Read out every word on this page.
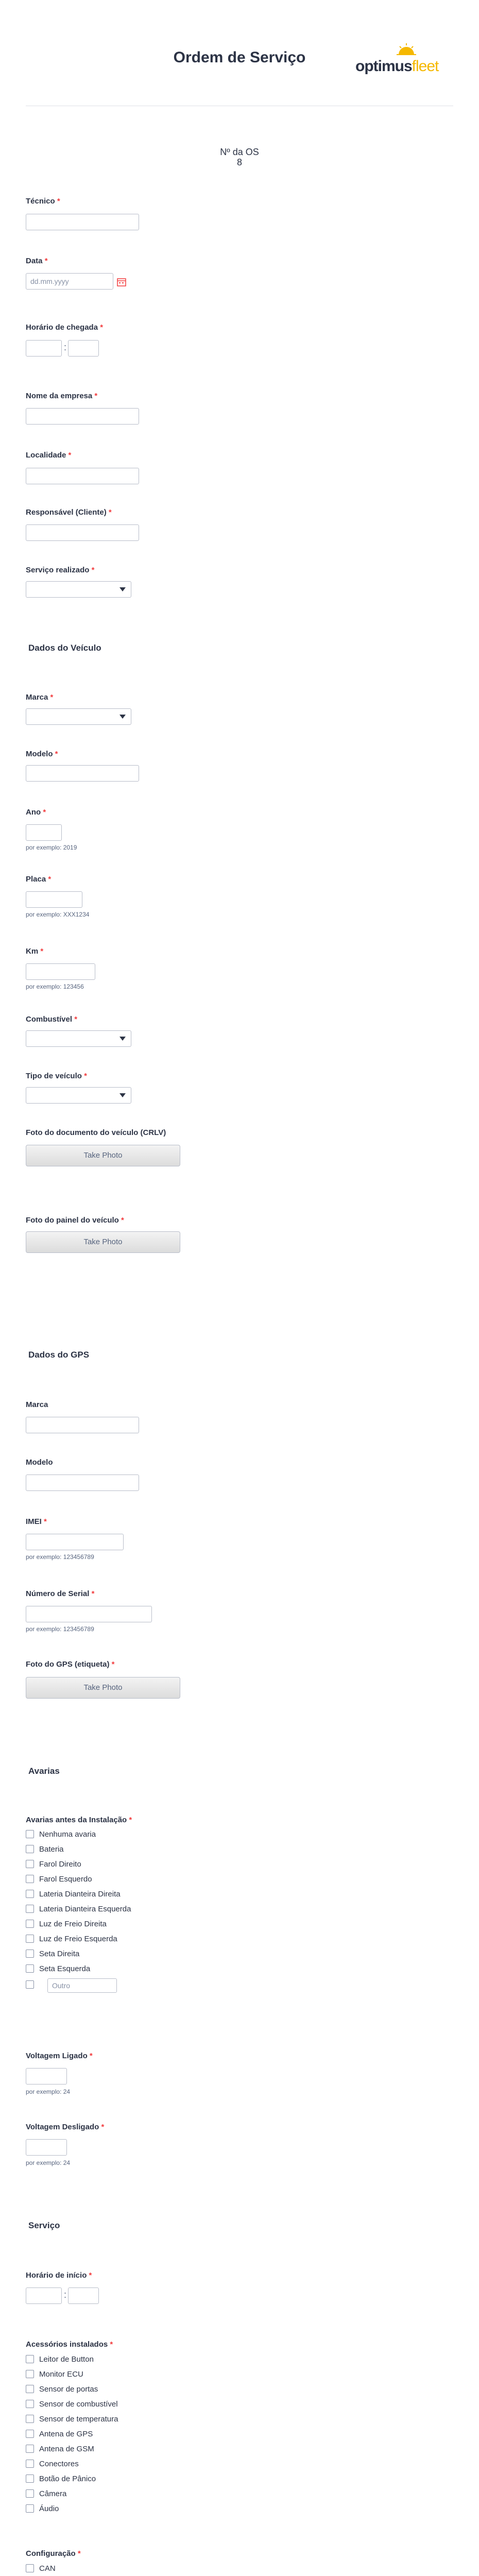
Ordem de Serviço
optimusfleet
Nº da OS
8
Técnico *
Data *
dd.mm.yyyy
Horário de chegada *
:
Nome da empresa *
Localidade *
Responsável (Cliente) *
Serviço realizado *
Dados do Veículo
Marca *
Modelo *
Ano *
por exemplo: 2019
Placa *
por exemplo: XXX1234
Km *
por exemplo: 123456
Combustível *
Tipo de veículo *
Foto do documento do veículo (CRLV)
Take Photo
Foto do painel do veículo *
Take Photo
Dados do GPS
Marca
Modelo
IMEI *
por exemplo: 123456789
Número de Serial *
por exemplo: 123456789
Foto do GPS (etiqueta) *
Take Photo
Avarias
Avarias antes da Instalação *
Nenhuma avaria
Bateria
Farol Direito
Farol Esquerdo
Lateria Dianteira Direita
Lateria Dianteira Esquerda
Luz de Freio Direita
Luz de Freio Esquerda
Seta Direita
Seta Esquerda
Outro
Voltagem Ligado *
por exemplo: 24
Voltagem Desligado *
por exemplo: 24
Serviço
Horário de início *
:
Acessórios instalados *
Leitor de Button
Monitor ECU
Sensor de portas
Sensor de combustível
Sensor de temperatura
Antena de GPS
Antena de GSM
Conectores
Botão de Pânico
Câmera
Áudio
Configuração *
CAN
